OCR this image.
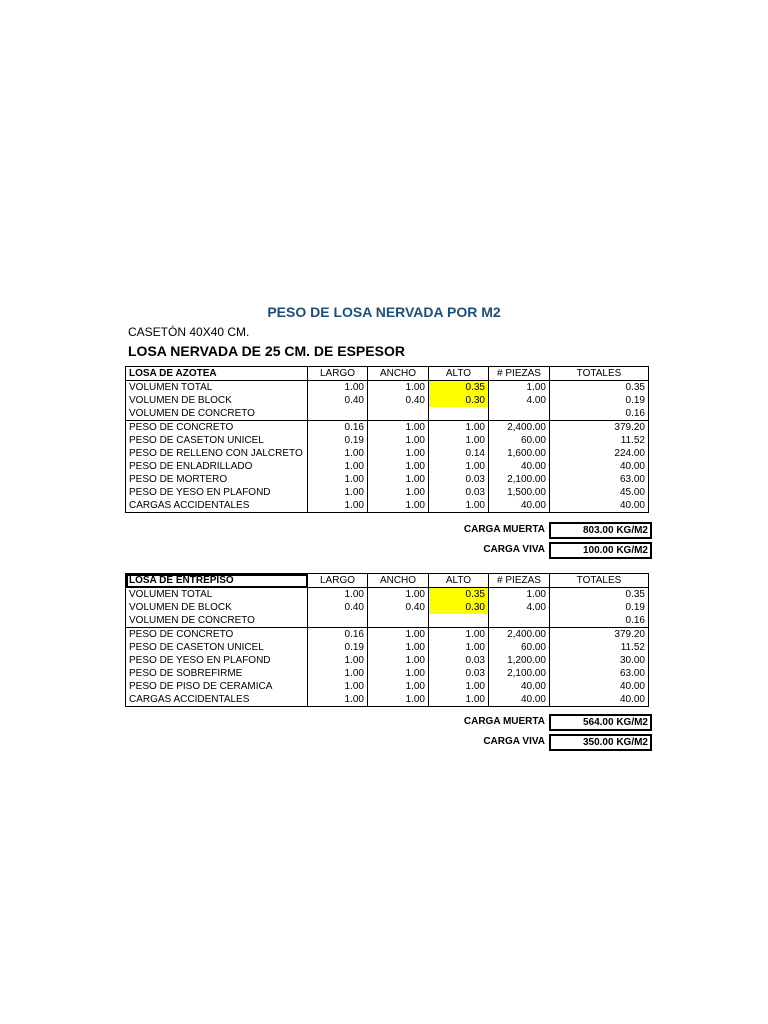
PESO DE LOSA NERVADA POR M2
CASETÓN 40X40 CM.
LOSA NERVADA DE 25 CM. DE ESPESOR
LOSA DE AZOTEA	LARGO	ANCHO	ALTO	# PIEZAS	TOTALES
VOLUMEN TOTAL	1.00	1.00	0.35	1.00	0.35
VOLUMEN DE BLOCK	0.40	0.40	0.30	4.00	0.19
VOLUMEN DE CONCRETO					0.16
PESO DE CONCRETO	0.16	1.00	1.00	2,400.00	379.20
PESO DE CASETON UNICEL	0.19	1.00	1.00	60.00	11.52
PESO DE RELLENO CON JALCRETO	1.00	1.00	0.14	1,600.00	224.00
PESO DE ENLADRILLADO	1.00	1.00	1.00	40.00	40.00
PESO DE MORTERO	1.00	1.00	0.03	2,100.00	63.00
PESO DE YESO EN PLAFOND	1.00	1.00	0.03	1,500.00	45.00
CARGAS ACCIDENTALES	1.00	1.00	1.00	40.00	40.00
CARGA MUERTA	803.00 KG/M2
CARGA VIVA	100.00 KG/M2
LOSA DE ENTREPISO	LARGO	ANCHO	ALTO	# PIEZAS	TOTALES
VOLUMEN TOTAL	1.00	1.00	0.35	1.00	0.35
VOLUMEN DE BLOCK	0.40	0.40	0.30	4.00	0.19
VOLUMEN DE CONCRETO					0.16
PESO DE CONCRETO	0.16	1.00	1.00	2,400.00	379.20
PESO DE CASETON UNICEL	0.19	1.00	1.00	60.00	11.52
PESO DE YESO EN PLAFOND	1.00	1.00	0.03	1,200.00	30.00
PESO DE SOBREFIRME	1.00	1.00	0.03	2,100.00	63.00
PESO DE PISO DE CERAMICA	1.00	1.00	1.00	40.00	40.00
CARGAS ACCIDENTALES	1.00	1.00	1.00	40.00	40.00
CARGA MUERTA	564.00 KG/M2
CARGA VIVA	350.00 KG/M2
